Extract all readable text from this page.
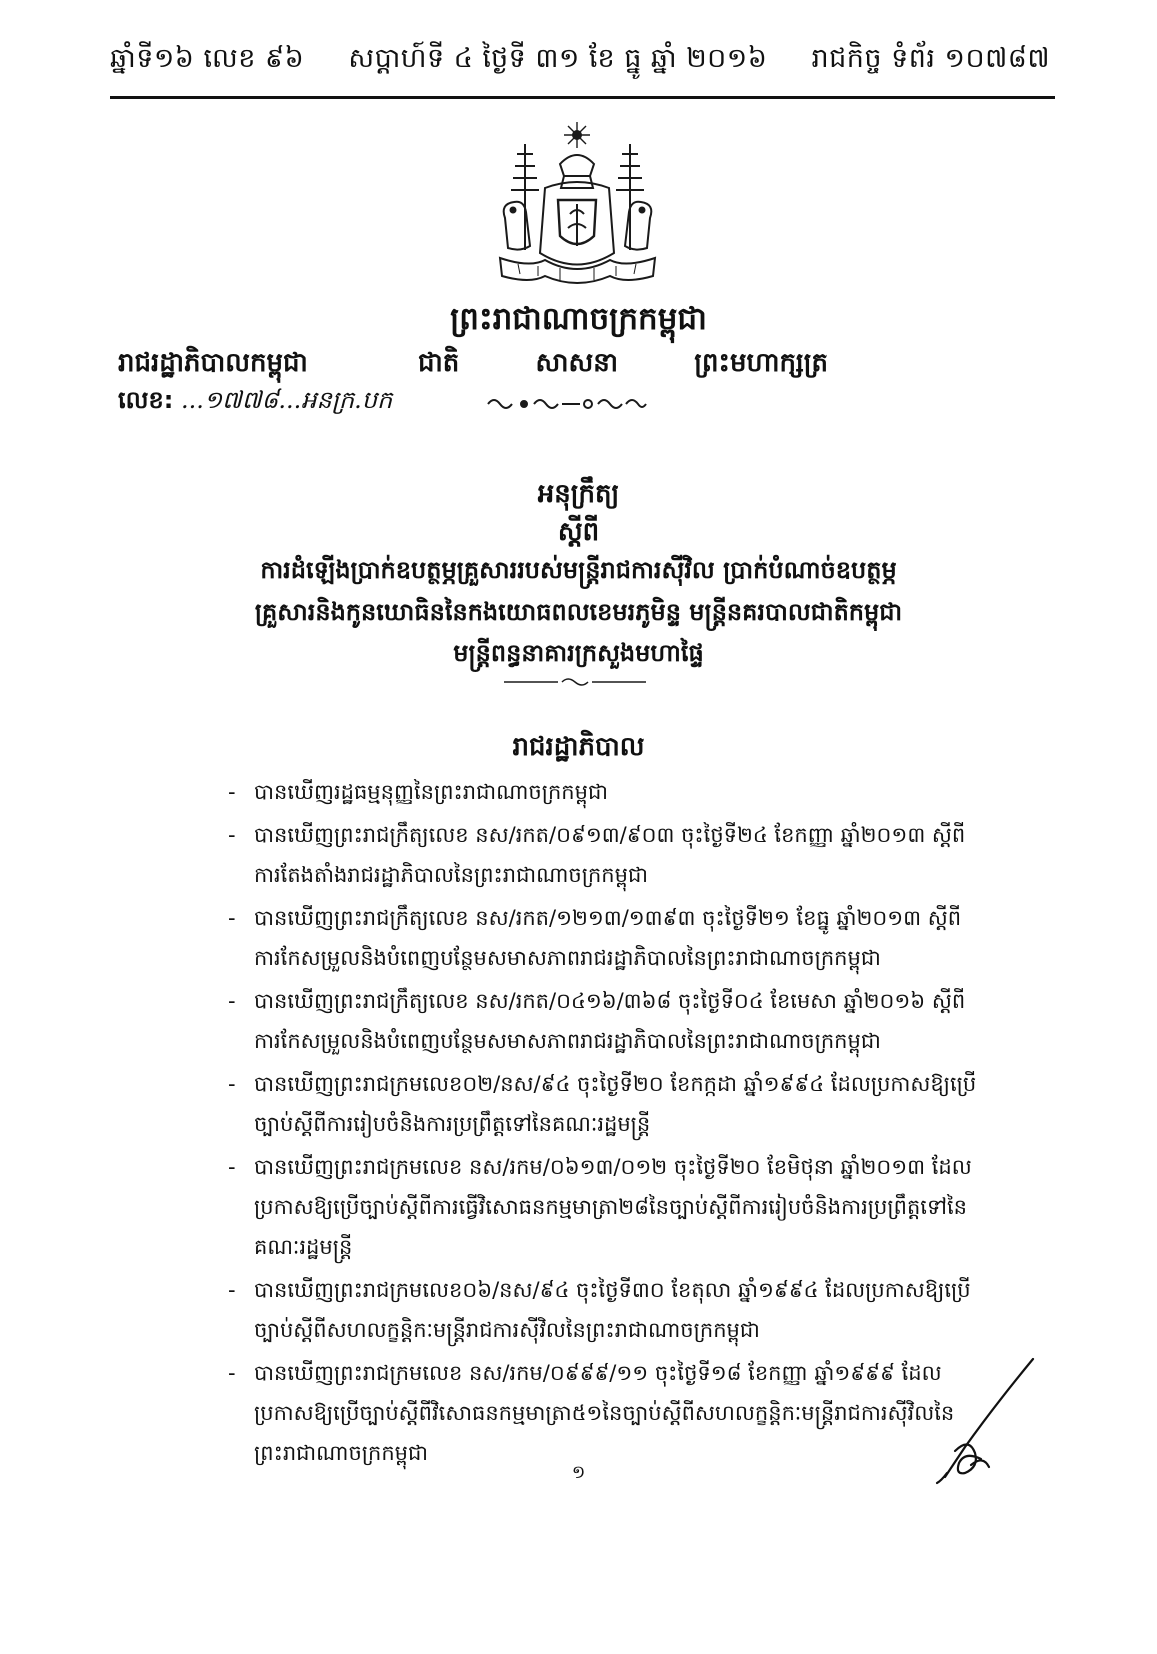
ឆ្នាំទី១៦ លេខ ៩៦ សប្តាហ៍ទី ៤ ថ្ងៃទី ៣១ ខែ ធ្នូ ឆ្នាំ ២០១៦ រាជកិច្ច ទំព័រ ១០៧៨៧
ព្រះរាជាណាចក្រកម្ពុជា
រាជរដ្ឋាភិបាលកម្ពុជា	ជាតិ	សាសនា	ព្រះមហាក្សត្រ
លេខ: ...១៧៧៨...អនក្រ.បក
អនុក្រឹត្យ
ស្តីពី
ការដំឡើងប្រាក់ឧបត្ថម្ភគ្រួសាររបស់មន្ត្រីរាជការស៊ីវិល ប្រាក់បំណាច់ឧបត្ថម្ភ
គ្រួសារនិងកូនឃោធិននៃកងយោធពលខេមរភូមិន្ទ មន្ត្រីនគរបាលជាតិកម្ពុជា
មន្ត្រីពន្ធនាគារក្រសួងមហាផ្ទៃ
រាជរដ្ឋាភិបាល
- បានឃើញរដ្ឋធម្មនុញ្ញនៃព្រះរាជាណាចក្រកម្ពុជា
- បានឃើញព្រះរាជក្រឹត្យលេខ នស/រកត/០៩១៣/៩០៣ ចុះថ្ងៃទី២៤ ខែកញ្ញា ឆ្នាំ២០១៣ ស្តីពីការតែងតាំងរាជរដ្ឋាភិបាលនៃព្រះរាជាណាចក្រកម្ពុជា
- បានឃើញព្រះរាជក្រឹត្យលេខ នស/រកត/១២១៣/១៣៩៣ ចុះថ្ងៃទី២១ ខែធ្នូ ឆ្នាំ២០១៣ ស្តីពីការកែសម្រួលនិងបំពេញបន្ថែមសមាសភាពរាជរដ្ឋាភិបាលនៃព្រះរាជាណាចក្រកម្ពុជា
- បានឃើញព្រះរាជក្រឹត្យលេខ នស/រកត/០៤១៦/៣៦៨ ចុះថ្ងៃទី០៤ ខែមេសា ឆ្នាំ២០១៦ ស្តីពីការកែសម្រួលនិងបំពេញបន្ថែមសមាសភាពរាជរដ្ឋាភិបាលនៃព្រះរាជាណាចក្រកម្ពុជា
- បានឃើញព្រះរាជក្រមលេខ០២/នស/៩៤ ចុះថ្ងៃទី២០ ខែកក្កដា ឆ្នាំ១៩៩៤ ដែលប្រកាសឱ្យប្រើច្បាប់ស្តីពីការរៀបចំនិងការប្រព្រឹត្តទៅនៃគណៈរដ្ឋមន្ត្រី
- បានឃើញព្រះរាជក្រមលេខ នស/រកម/០៦១៣/០១២ ចុះថ្ងៃទី២០ ខែមិថុនា ឆ្នាំ២០១៣ ដែលប្រកាសឱ្យប្រើច្បាប់ស្តីពីការធ្វើវិសោធនកម្មមាត្រា២៨នៃច្បាប់ស្តីពីការរៀបចំនិងការប្រព្រឹត្តទៅនៃគណៈរដ្ឋមន្ត្រី
- បានឃើញព្រះរាជក្រមលេខ០៦/នស/៩៤ ចុះថ្ងៃទី៣០ ខែតុលា ឆ្នាំ១៩៩៤ ដែលប្រកាសឱ្យប្រើច្បាប់ស្តីពីសហលក្ខន្តិកៈមន្ត្រីរាជការស៊ីវិលនៃព្រះរាជាណាចក្រកម្ពុជា
- បានឃើញព្រះរាជក្រមលេខ នស/រកម/០៩៩៩/១១ ចុះថ្ងៃទី១៨ ខែកញ្ញា ឆ្នាំ១៩៩៩ ដែលប្រកាសឱ្យប្រើច្បាប់ស្តីពីវិសោធនកម្មមាត្រា៥១នៃច្បាប់ស្តីពីសហលក្ខន្តិកៈមន្ត្រីរាជការស៊ីវិលនៃព្រះរាជាណាចក្រកម្ពុជា
១
